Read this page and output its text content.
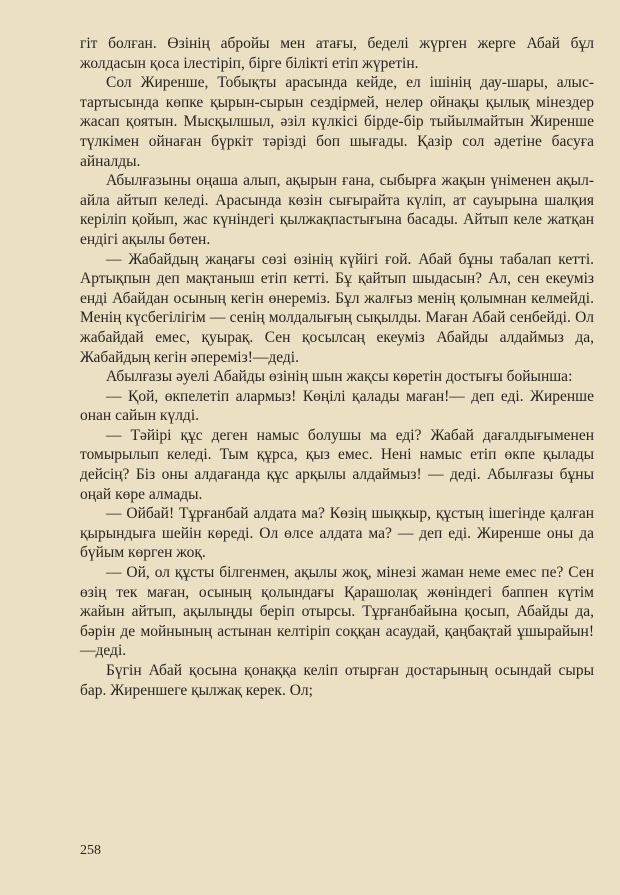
гіт болған. Өзінің абройы мен атағы, беделі жүрген жерге Абай бұл жолдасын қоса ілестіріп, бірге біліктi етіп жүретін.

Сол Жиренше, Тобықты арасында кейде, ел ішінің дау-шары, алыс-тартысында көпке қырын-сырын сездірмей, нелер ойнақы қылық мінездер жасап қоятын. Мысқылшыл, әзіл күлкісі бірде-бір тыйылмайтын Жиренше түлкімен ойнаған бүркіт тәрізді боп шығады. Қазір сол әдетіне басуға айналды.

Абылғазыны оңаша алып, ақырын ғана, сыбырға жақын үніменен ақыл-айла айтып келеді. Арасында көзін сығырайта күліп, ат сауырына шалқия керіліп қойып, жас күніндегі қылжақпастығына басады. Айтып келе жатқан ендігі ақылы бөтен.

— Жабайдың жаңағы сөзі өзінің күйігі ғой. Абай бұны табалап кетті. Артықпын деп мақтаныш етіп кетті. Бұ қайтып шыдасын? Ал, сен екеуміз енді Абайдан осының кегін өнереміз. Бұл жалғыз менің қолымнан келмейді. Менің күсбегілігім — сенің молдалығың сықылды. Маған Абай сенбейді. Ол жабайдай емес, қуырақ. Сен қосылсаң екеуміз Абайды алдаймыз да, Жабайдың кегін әпереміз!—деді.

Абылғазы әуелі Абайды өзінің шын жақсы көретін достығы бойынша:

— Қой, өкпелетіп алармыз! Көңілі қалады маған!— деп еді. Жиренше онан сайын күлді.

— Тәйірі құс деген намыс болушы ма еді? Жабай дағалдығыменен томырылып келеді. Тым құрса, қыз емес. Нені намыс етіп өкпе қылады дейсің? Біз оны алдағанда құс арқылы алдаймыз! — деді. Абылғазы бұны оңай көре алмады.

— Ойбай! Тұрғанбай алдата ма? Көзің шықкыр, құстың ішегінде қалған қырындыға шейін көреді. Ол өлсе алдата ма? — деп еді. Жиренше оны да бүйым көрген жоқ.

— Ой, ол құсты білгенмен, ақылы жоқ, мінезі жаман неме емес пе? Сен өзің тек маған, осының қолындағы Қарашолақ жөніндегі баппен күтім жайын айтып, ақылыңды беріп отырсы. Тұрғанбайына қосып, Абайды да, бәрін де мойнының астынан келтіріп соққан асаудай, қаңбақтай ұшырайын!—деді.

Бүгін Абай қосына қонаққа келіп отырған достарының осындай сыры бар. Жиреншеге қылжақ керек. Ол;

258
